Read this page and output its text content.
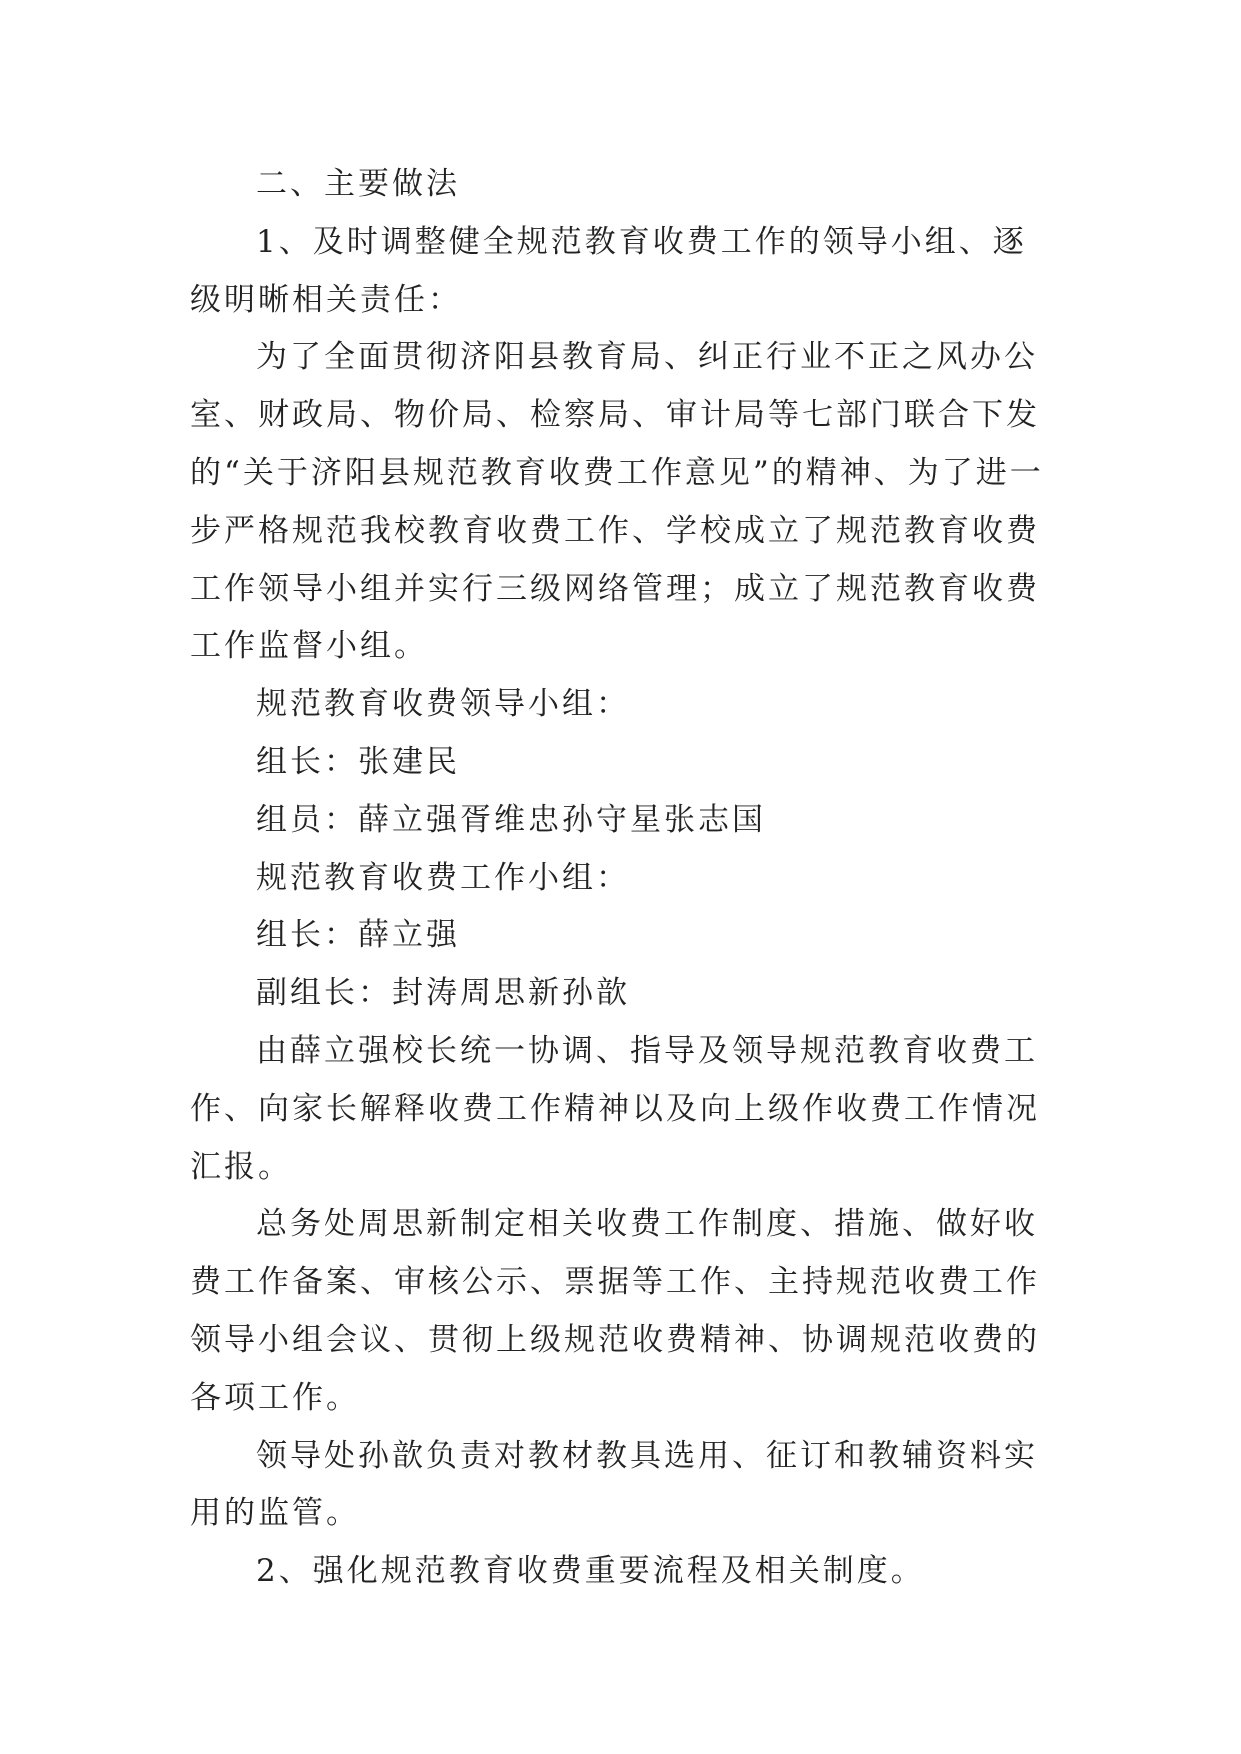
二、主要做法

1、及时调整健全规范教育收费工作的领导小组、逐级明晰相关责任：

为了全面贯彻济阳县教育局、纠正行业不正之风办公室、财政局、物价局、检察局、审计局等七部门联合下发的“关于济阳县规范教育收费工作意见”的精神、为了进一步严格规范我校教育收费工作、学校成立了规范教育收费工作领导小组并实行三级网络管理；成立了规范教育收费工作监督小组。

规范教育收费领导小组：

组长：张建民

组员：薛立强胥维忠孙守星张志国

规范教育收费工作小组：

组长：薛立强

副组长：封涛周思新孙歆

由薛立强校长统一协调、指导及领导规范教育收费工作、向家长解释收费工作精神以及向上级作收费工作情况汇报。

总务处周思新制定相关收费工作制度、措施、做好收费工作备案、审核公示、票据等工作、主持规范收费工作领导小组会议、贯彻上级规范收费精神、协调规范收费的各项工作。

领导处孙歆负责对教材教具选用、征订和教辅资料实用的监管。

2、强化规范教育收费重要流程及相关制度。
